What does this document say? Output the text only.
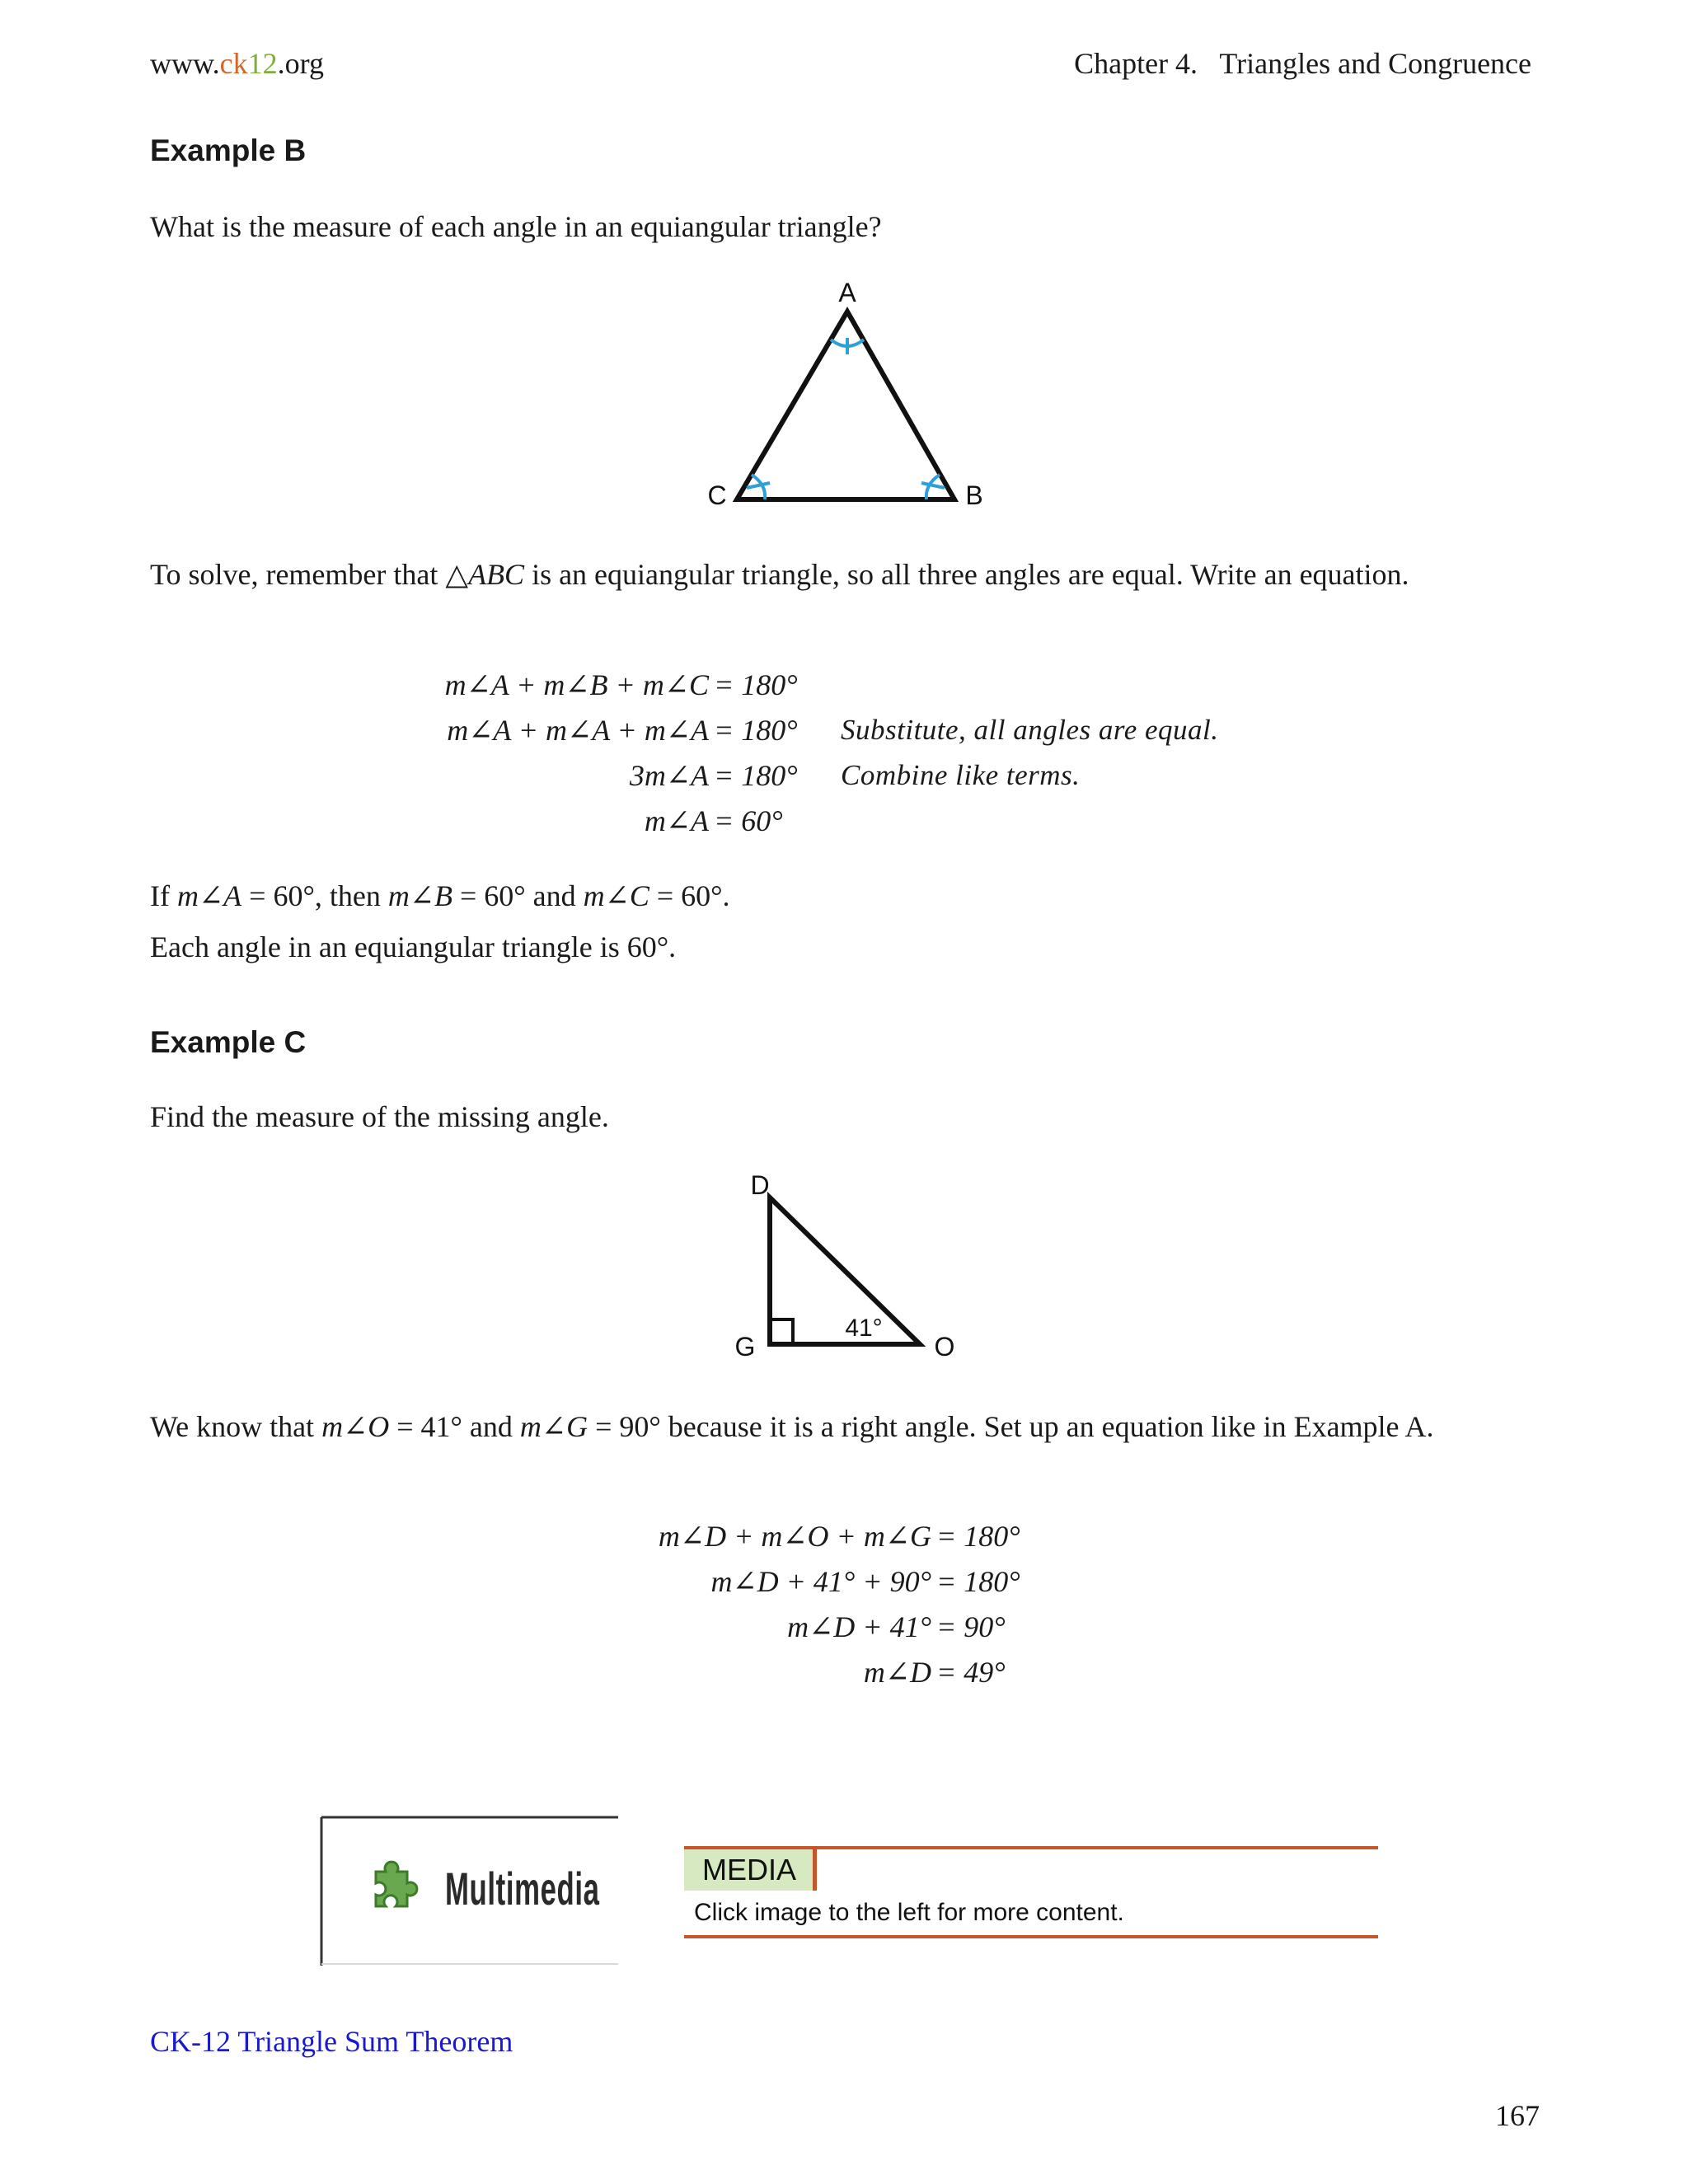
www.ck12.org	Chapter 4.   Triangles and Congruence
Example B
What is the measure of each angle in an equiangular triangle?
A
C	B
To solve, remember that △ABC is an equiangular triangle, so all three angles are equal. Write an equation.
m∠A + m∠B + m∠C = 180°
m∠A + m∠A + m∠A = 180° Substitute, all angles are equal.
3m∠A = 180° Combine like terms.
m∠A = 60°
If m∠A = 60°, then m∠B = 60° and m∠C = 60°.
Each angle in an equiangular triangle is 60°.
Example C
Find the measure of the missing angle.
D
G	O
41°
We know that m∠O = 41° and m∠G = 90° because it is a right angle. Set up an equation like in Example A.
m∠D + m∠O + m∠G = 180°
m∠D + 41° + 90° = 180°
m∠D + 41° = 90°
m∠D = 49°
Multimedia	MEDIA
Click image to the left for more content.
CK-12 Triangle Sum Theorem
167
